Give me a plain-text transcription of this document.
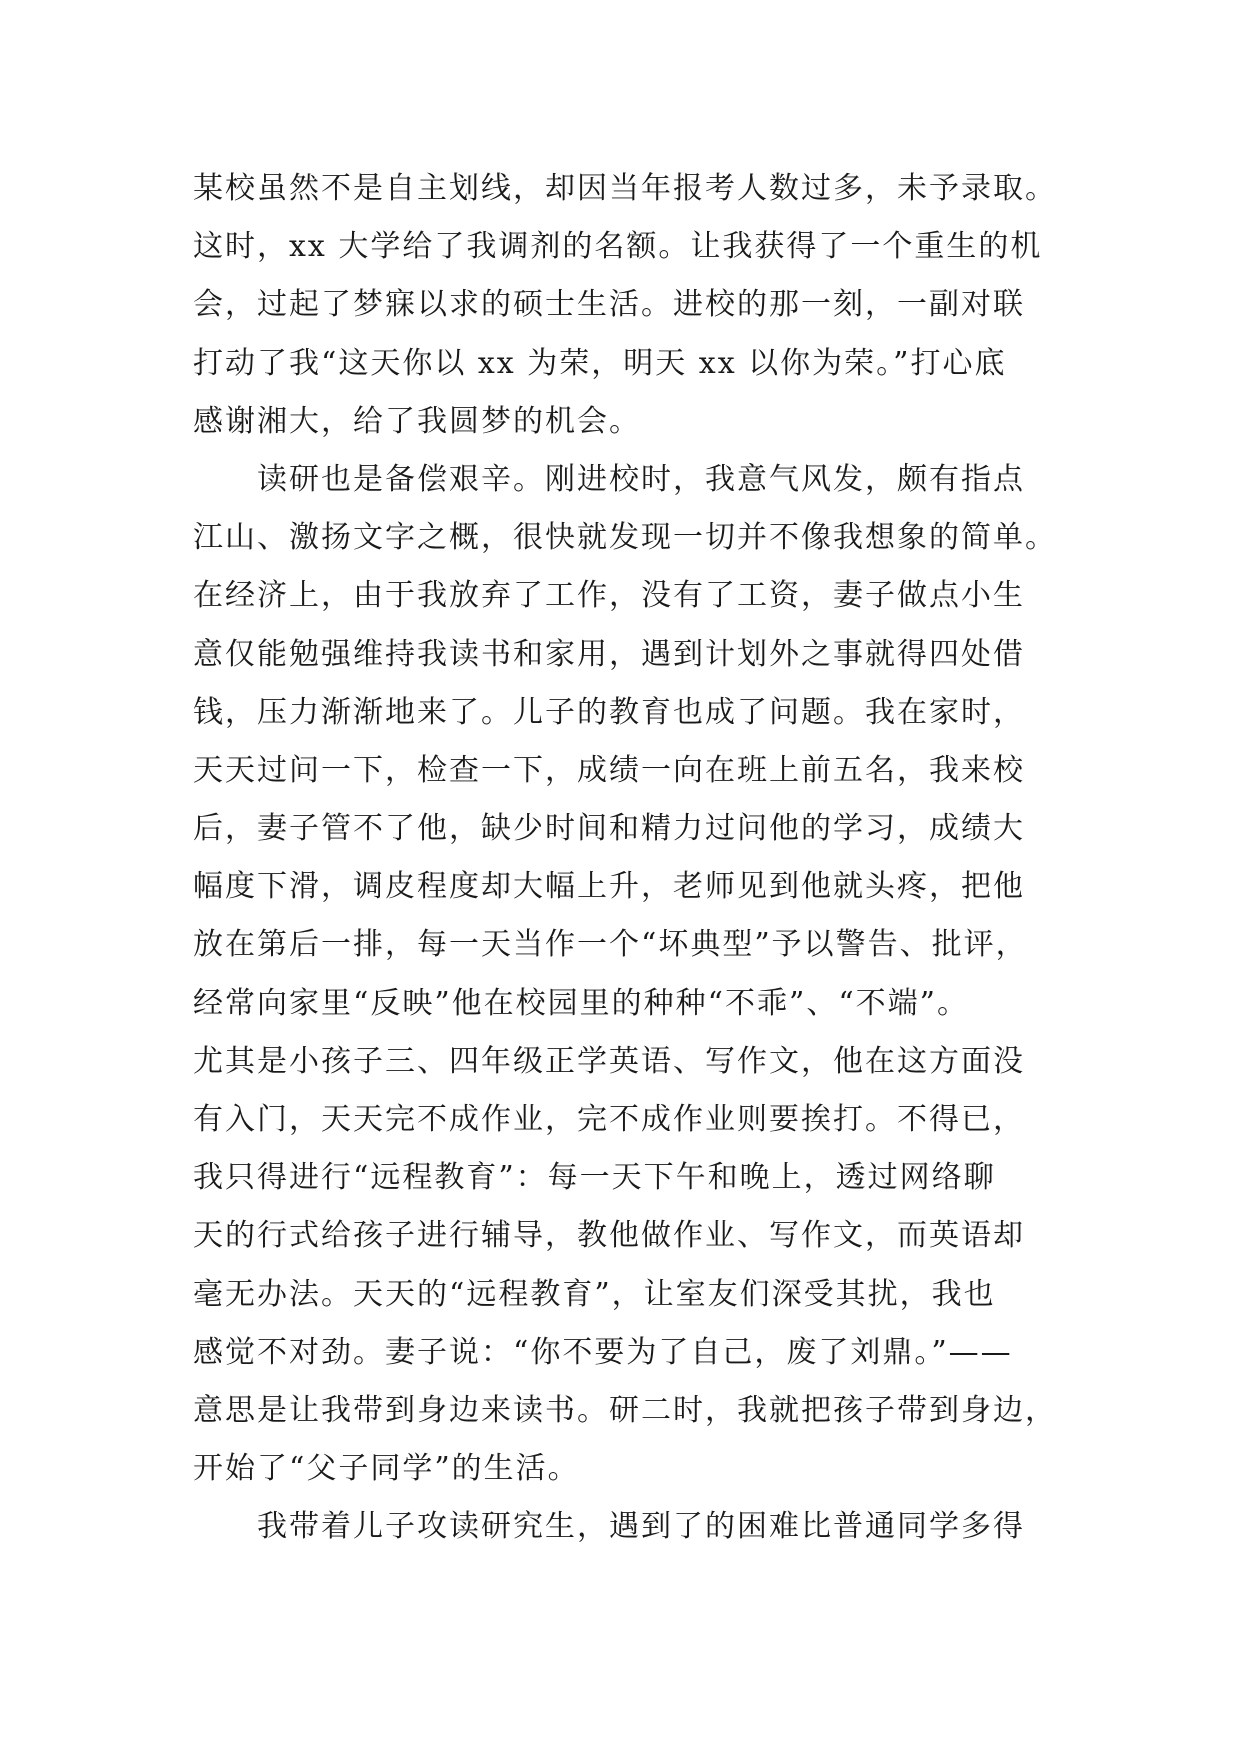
某校虽然不是自主划线，却因当年报考人数过多，未予录取。
这时，xx 大学给了我调剂的名额。让我获得了一个重生的机
会，过起了梦寐以求的硕士生活。进校的那一刻，一副对联
打动了我“这天你以 xx 为荣，明天 xx 以你为荣。”打心底
感谢湘大，给了我圆梦的机会。
读研也是备偿艰辛。刚进校时，我意气风发，颇有指点
江山、激扬文字之概，很快就发现一切并不像我想象的简单。
在经济上，由于我放弃了工作，没有了工资，妻子做点小生
意仅能勉强维持我读书和家用，遇到计划外之事就得四处借
钱，压力渐渐地来了。儿子的教育也成了问题。我在家时，
天天过问一下，检查一下，成绩一向在班上前五名，我来校
后，妻子管不了他，缺少时间和精力过问他的学习，成绩大
幅度下滑，调皮程度却大幅上升，老师见到他就头疼，把他
放在第后一排，每一天当作一个“坏典型”予以警告、批评，
经常向家里“反映”他在校园里的种种“不乖”、“不端”。
尤其是小孩子三、四年级正学英语、写作文，他在这方面没
有入门，天天完不成作业，完不成作业则要挨打。不得已，
我只得进行“远程教育”：每一天下午和晚上，透过网络聊
天的行式给孩子进行辅导，教他做作业、写作文，而英语却
毫无办法。天天的“远程教育”，让室友们深受其扰，我也
感觉不对劲。妻子说：“你不要为了自己，废了刘鼎。”——
意思是让我带到身边来读书。研二时，我就把孩子带到身边，
开始了“父子同学”的生活。
我带着儿子攻读研究生，遇到了的困难比普通同学多得
